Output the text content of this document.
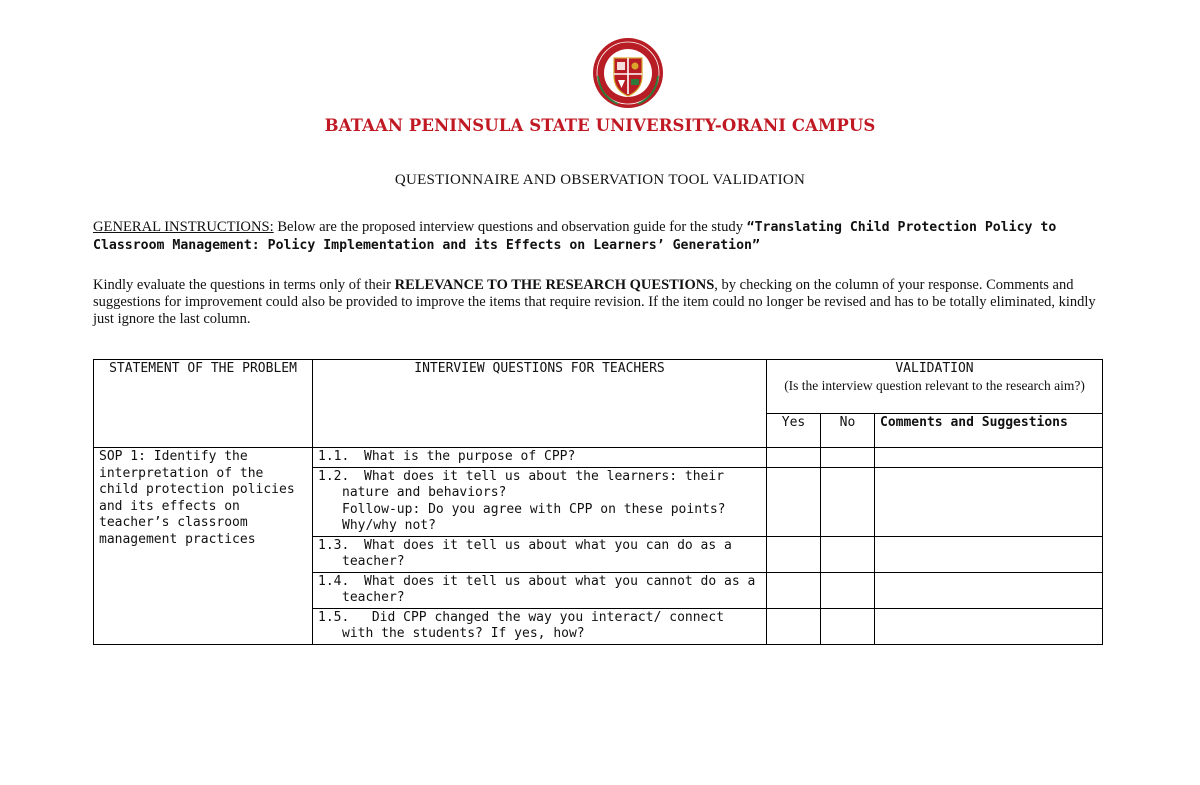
BATAAN PENINSULA STATE UNIVERSITY-ORANI CAMPUS
QUESTIONNAIRE AND OBSERVATION TOOL VALIDATION
GENERAL INSTRUCTIONS: Below are the proposed interview questions and observation guide for the study “Translating Child Protection Policy to Classroom Management: Policy Implementation and its Effects on Learners’ Generation”
Kindly evaluate the questions in terms only of their RELEVANCE TO THE RESEARCH QUESTIONS, by checking on the column of your response. Comments and suggestions for improvement could also be provided to improve the items that require revision. If the item could no longer be revised and has to be totally eliminated, kindly just ignore the last column.
STATEMENT OF THE PROBLEM	INTERVIEW QUESTIONS FOR TEACHERS	VALIDATION
(Is the interview question relevant to the research aim?)		

		Yes	No	Comments and Suggestions
SOP 1: Identify the interpretation of the child protection policies and its effects on teacher’s classroom management practices	1.1. What is the purpose of CPP?			

	1.2. What does it tell us about the learners: their nature and behaviors?
Follow-up: Do you agree with CPP on these points? Why/why not?			

	1.3. What does it tell us about what you can do as a teacher?			

	1.4. What does it tell us about what you cannot do as a teacher?			

	1.5. Did CPP changed the way you interact/ connect with the students? If yes, how?			
